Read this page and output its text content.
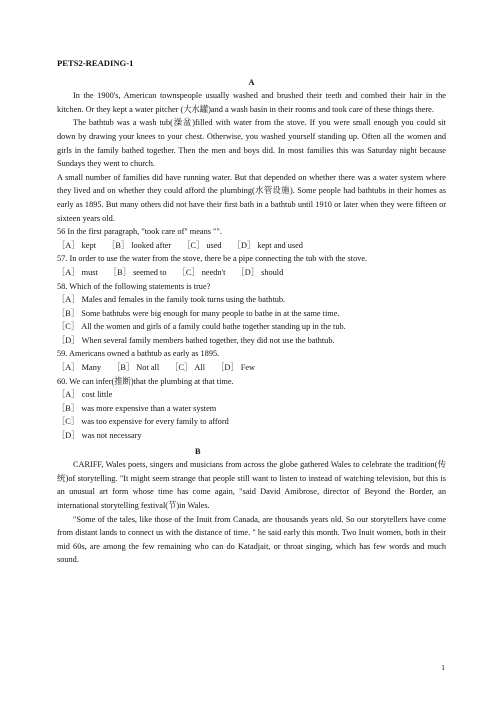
PETS2-READING-1
A

In the 1900's, American townspeople usually washed and brushed their teeth and combed their hair in the kitchen. Or they kept a water pitcher (大水罐)and a wash basin in their rooms and took care of these things there.

The bathtub was a wash tub(澡盆)filled with water from the stove. If you were small enough you could sit down by drawing your knees to your chest. Otherwise, you washed yourself standing up. Often all the women and girls in the family bathed together. Then the men and boys did. In most families this was Saturday night because Sundays they went to church.

A small number of families did have running water. But that depended on whether there was a water system where they lived and on whether they could afford the plumbing(水管设施). Some people had bathtubs in their homes as early as 1895. But many others did not have their first bath in a bathtub until 1910 or later when they were fifteen or sixteen years old.

56 In the first paragraph, "took care of" means "".
［A］ kept ［B］ looked after ［C］ used ［D］ kept and used
57. In order to use the water from the stove, there be a pipe connecting the tub with the stove.
［A］ must ［B］ seemed to ［C］ needn't ［D］ should
58. Which of the following statements is true?
［A］ Males and females in the family took turns using the bathtub.
［B］ Some bathtubs were big enough for many people to bathe in at the same time.
［C］ All the women and girls of a family could bathe together standing up in the tub.
［D］ When several family members bathed together, they did not use the bathtub.
59. Americans owned a bathtub as early as 1895.
［A］ Many ［B］ Not all ［C］ All ［D］ Few
60. We can infer(推断)that the plumbing at that time.
［A］ cost little
［B］ was more expensive than a water system
［C］ was too expensive for every family to afford
［D］ was not necessary
B

CARIFF, Wales poets, singers and musicians from across the globe gathered Wales to celebrate the tradition(传统)of storytelling. "It might seem strange that people still want to listen to instead of watching television, but this is an unusual art form whose time has come again, "said David Amibrose, director of Beyond the Border, an international storytelling festival(节)in Wales.

"Some of the tales, like those of the Inuit from Canada, are thousands years old. So our storytellers have come from distant lands to connect us with the distance of time. " he said early this month. Two Inuit women, both in their mid 60s, are among the few remaining who can do Katadjait, or throat singing, which has few words and much sound.

1
